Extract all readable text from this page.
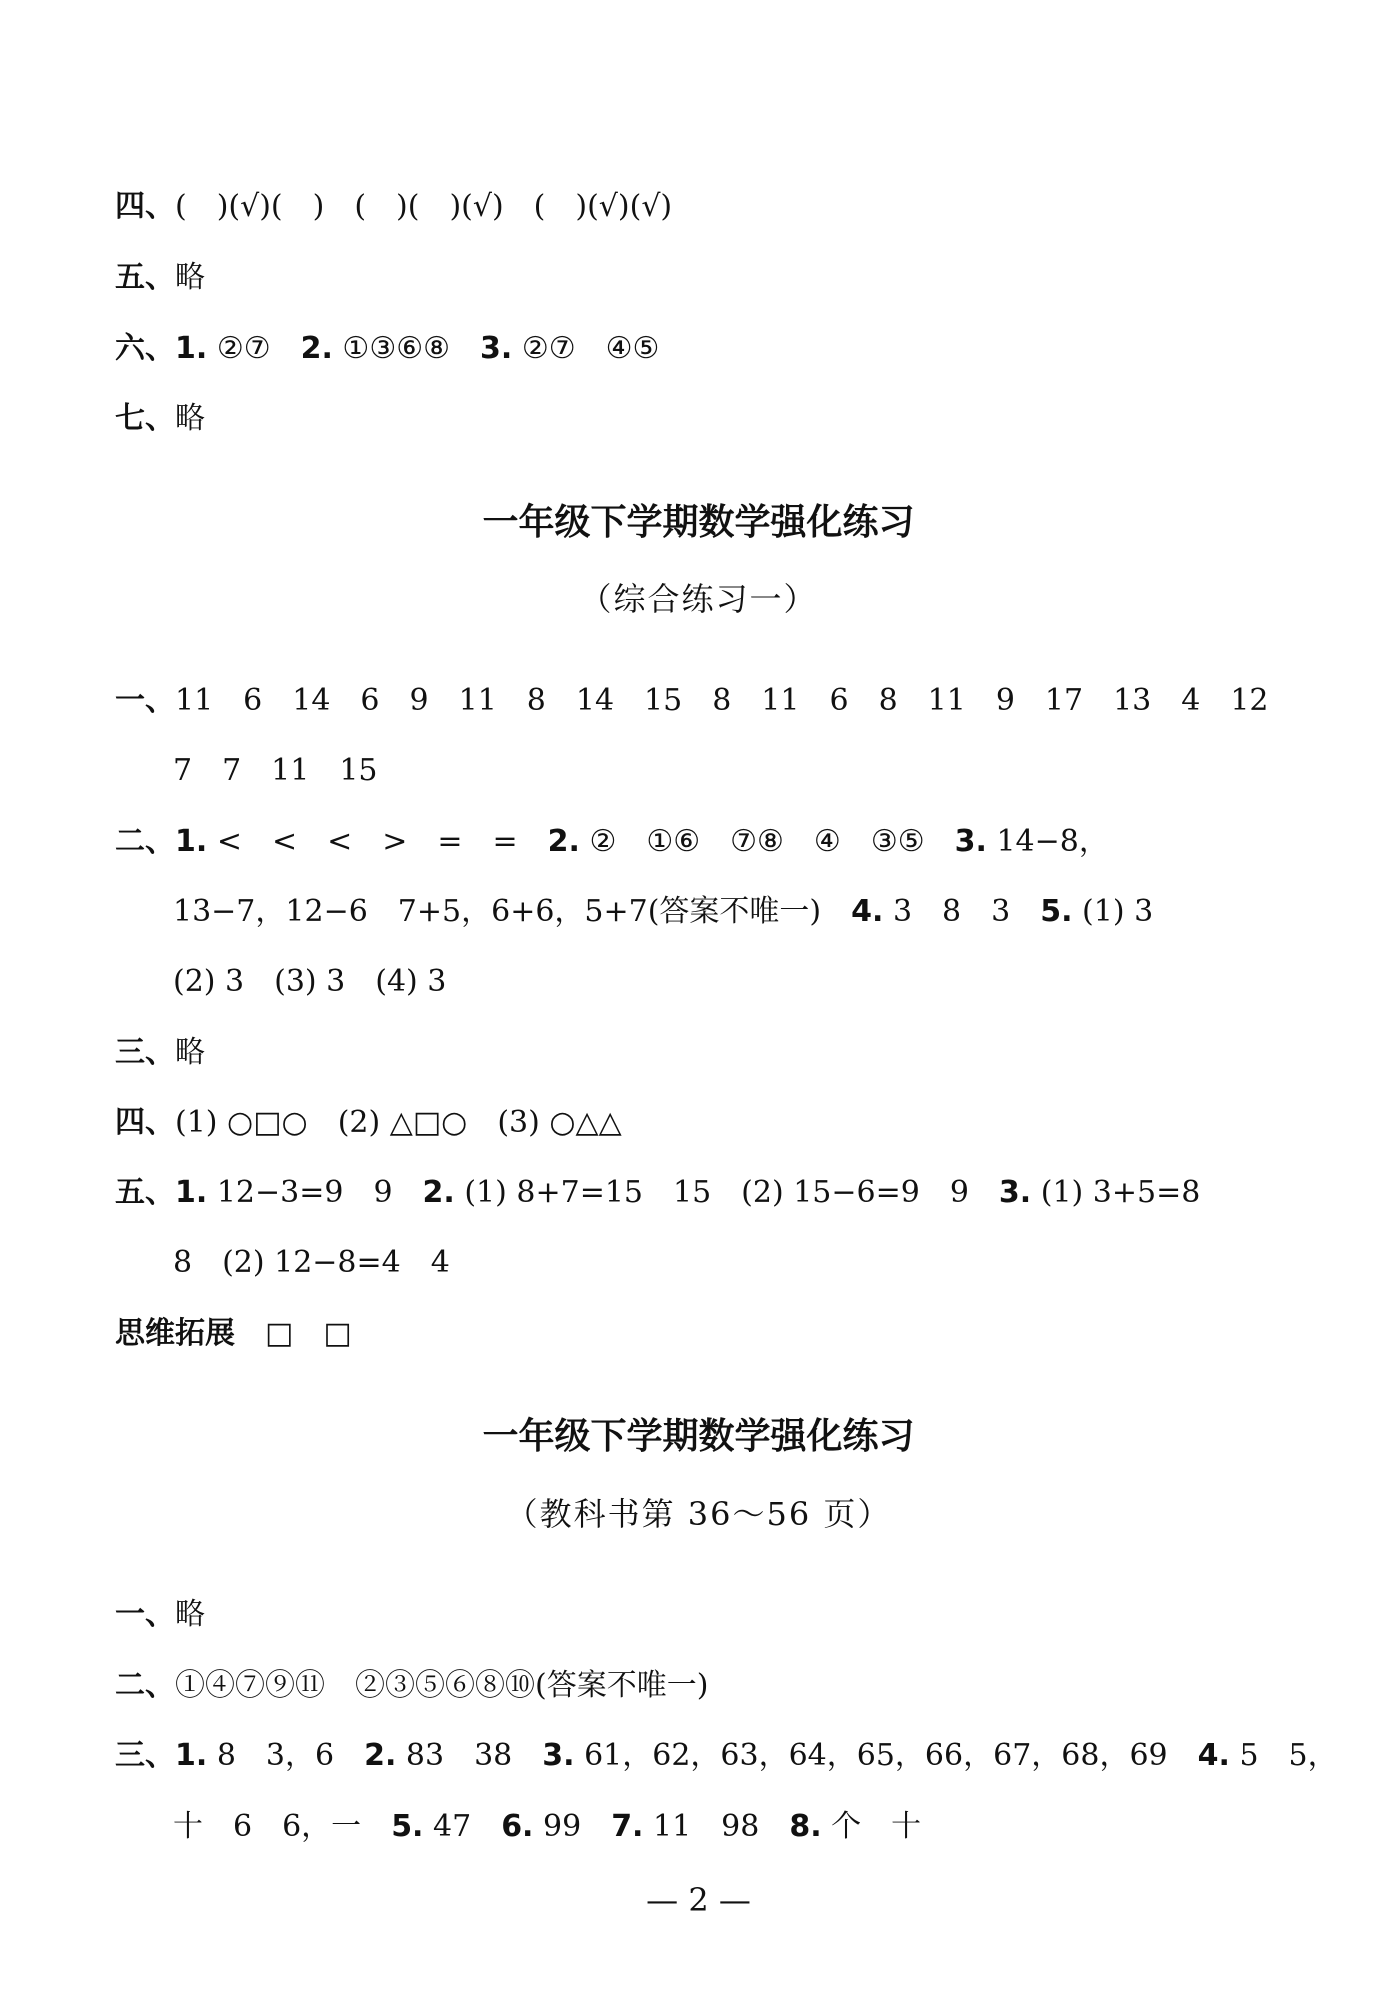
四、(　)(√)(　)　(　)(　)(√)　(　)(√)(√)
五、略
六、1. ②⑦　2. ①③⑥⑧　3. ②⑦　④⑤
七、略
一年级下学期数学强化练习
（综合练习一）
一、11　6　14　6　9　11　8　14　15　8　11　6　8　11　9　17　13　4　12
7　7　11　15
二、1. <　<　<　>　=　=　2. ②　①⑥　⑦⑧　④　③⑤　3. 14−8，
13−7，12−6　7+5，6+6，5+7(答案不唯一)　4. 3　8　3　5. (1) 3
(2) 3　(3) 3　(4) 3
三、略
四、(1) ○□○　(2) △□○　(3) ○△△
五、1. 12−3=9　9　2. (1) 8+7=15　15　(2) 15−6=9　9　3. (1) 3+5=8
8　(2) 12−8=4　4
思维拓展　□　□
一年级下学期数学强化练习
（教科书第 36～56 页）
一、略
二、①④⑦⑨⑪　②③⑤⑥⑧⑩(答案不唯一)
三、1. 8　3，6　2. 83　38　3. 61，62，63，64，65，66，67，68，69　4. 5　5，
十　6　6，一　5. 47　6. 99　7. 11　98　8. 个　十
— 2 —
